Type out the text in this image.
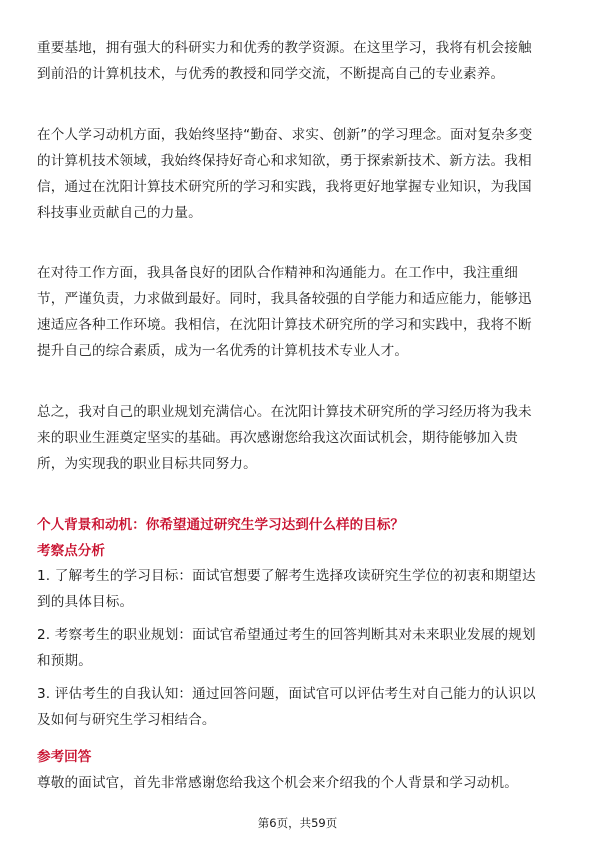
重要基地，拥有强大的科研实力和优秀的教学资源。在这里学习，我将有机会接触
到前沿的计算机技术，与优秀的教授和同学交流，不断提高自己的专业素养。

在个人学习动机方面，我始终坚持“勤奋、求实、创新”的学习理念。面对复杂多变
的计算机技术领域，我始终保持好奇心和求知欲，勇于探索新技术、新方法。我相
信，通过在沈阳计算技术研究所的学习和实践，我将更好地掌握专业知识，为我国
科技事业贡献自己的力量。

在对待工作方面，我具备良好的团队合作精神和沟通能力。在工作中，我注重细
节，严谨负责，力求做到最好。同时，我具备较强的自学能力和适应能力，能够迅
速适应各种工作环境。我相信，在沈阳计算技术研究所的学习和实践中，我将不断
提升自己的综合素质，成为一名优秀的计算机技术专业人才。

总之，我对自己的职业规划充满信心。在沈阳计算技术研究所的学习经历将为我未
来的职业生涯奠定坚实的基础。再次感谢您给我这次面试机会，期待能够加入贵
所，为实现我的职业目标共同努力。

个人背景和动机：你希望通过研究生学习达到什么样的目标？

考察点分析

1. 了解考生的学习目标：面试官想要了解考生选择攻读研究生学位的初衷和期望达
到的具体目标。

2. 考察考生的职业规划：面试官希望通过考生的回答判断其对未来职业发展的规划
和预期。

3. 评估考生的自我认知：通过回答问题，面试官可以评估考生对自己能力的认识以
及如何与研究生学习相结合。

参考回答

尊敬的面试官，首先非常感谢您给我这个机会来介绍我的个人背景和学习动机。

第6页，共59页
